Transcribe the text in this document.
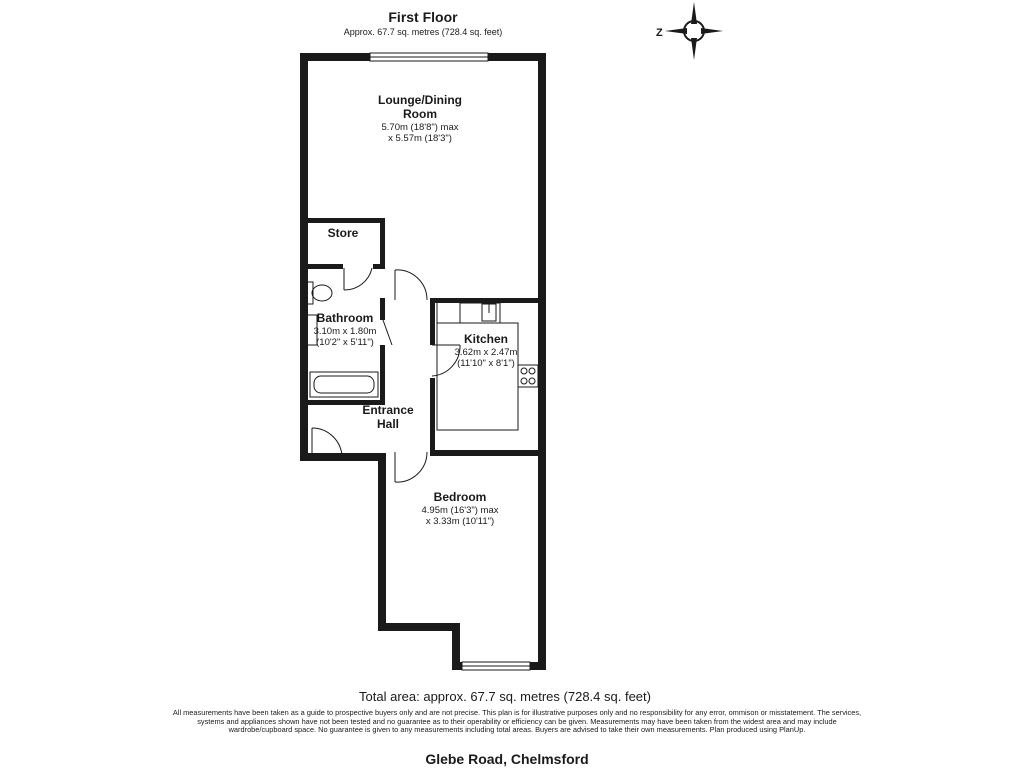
First Floor
Approx. 67.7 sq. metres (728.4 sq. feet)	Z
Lounge/Dining
Room
5.70m (18'8") max
x 5.57m (18'3")
Store
Bathroom
3.10m x 1.80m
(10'2" x 5'11")	Kitchen
3.62m x 2.47m
(11'10" x 8'1")
Entrance
Hall
Bedroom
4.95m (16'3") max
x 3.33m (10'11")
Total area: approx. 67.7 sq. metres (728.4 sq. feet)
All measurements have been taken as a guide to prospective buyers only and are not precise. This plan is for illustrative purposes only and no responsibility for any error, ommison or misstatement. The services, systems and appliances shown have not been tested and no guarantee as to their operability or efficiency can be given. Measurements may have been taken from the widest area and may include wardrobe/cupboard space. No guarantee is given to any measurements including total areas. Buyers are advised to take their own measurements. Plan produced using PlanUp.
Glebe Road, Chelmsford
